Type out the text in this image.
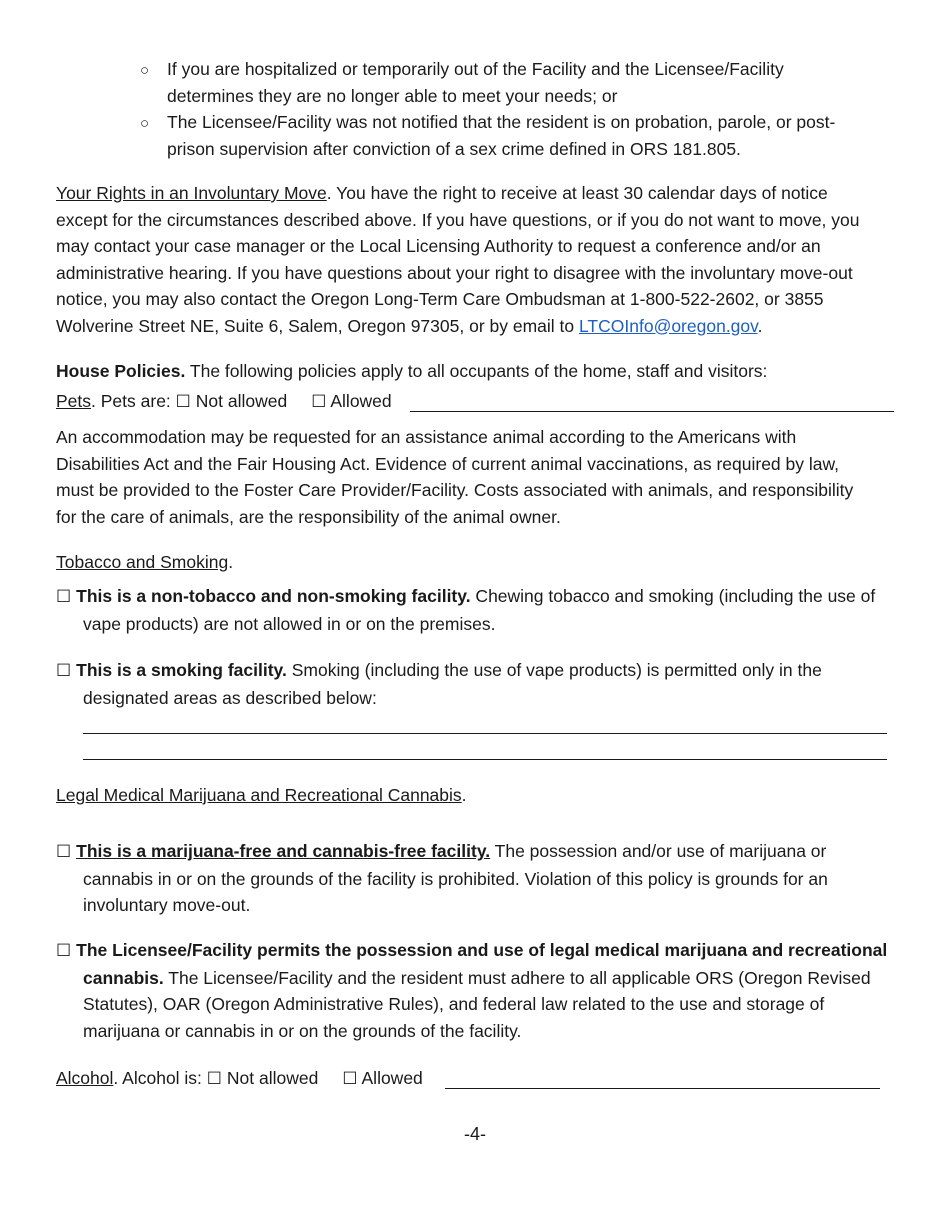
○ If you are hospitalized or temporarily out of the Facility and the Licensee/Facility
determines they are no longer able to meet your needs; or
○ The Licensee/Facility was not notified that the resident is on probation, parole, or post-
prison supervision after conviction of a sex crime defined in ORS 181.805.
Your Rights in an Involuntary Move. You have the right to receive at least 30 calendar days of notice
except for the circumstances described above. If you have questions, or if you do not want to move, you
may contact your case manager or the Local Licensing Authority to request a conference and/or an
administrative hearing. If you have questions about your right to disagree with the involuntary move-out
notice, you may also contact the Oregon Long-Term Care Ombudsman at 1-800-522-2602, or 3855
Wolverine Street NE, Suite 6, Salem, Oregon 97305, or by email to LTCOInfo@oregon.gov.
House Policies. The following policies apply to all occupants of the home, staff and visitors:
Pets. Pets are: ☐ Not allowed ☐ Allowed
An accommodation may be requested for an assistance animal according to the Americans with
Disabilities Act and the Fair Housing Act. Evidence of current animal vaccinations, as required by law,
must be provided to the Foster Care Provider/Facility. Costs associated with animals, and responsibility
for the care of animals, are the responsibility of the animal owner.
Tobacco and Smoking.
☐ This is a non-tobacco and non-smoking facility. Chewing tobacco and smoking (including the use of
vape products) are not allowed in or on the premises.
☐ This is a smoking facility. Smoking (including the use of vape products) is permitted only in the
designated areas as described below:
Legal Medical Marijuana and Recreational Cannabis.
☐ This is a marijuana-free and cannabis-free facility. The possession and/or use of marijuana or
cannabis in or on the grounds of the facility is prohibited. Violation of this policy is grounds for an
involuntary move-out.
☐ The Licensee/Facility permits the possession and use of legal medical marijuana and recreational
cannabis. The Licensee/Facility and the resident must adhere to all applicable ORS (Oregon Revised
Statutes), OAR (Oregon Administrative Rules), and federal law related to the use and storage of
marijuana or cannabis in or on the grounds of the facility.
Alcohol. Alcohol is: ☐ Not allowed ☐ Allowed
-4-
